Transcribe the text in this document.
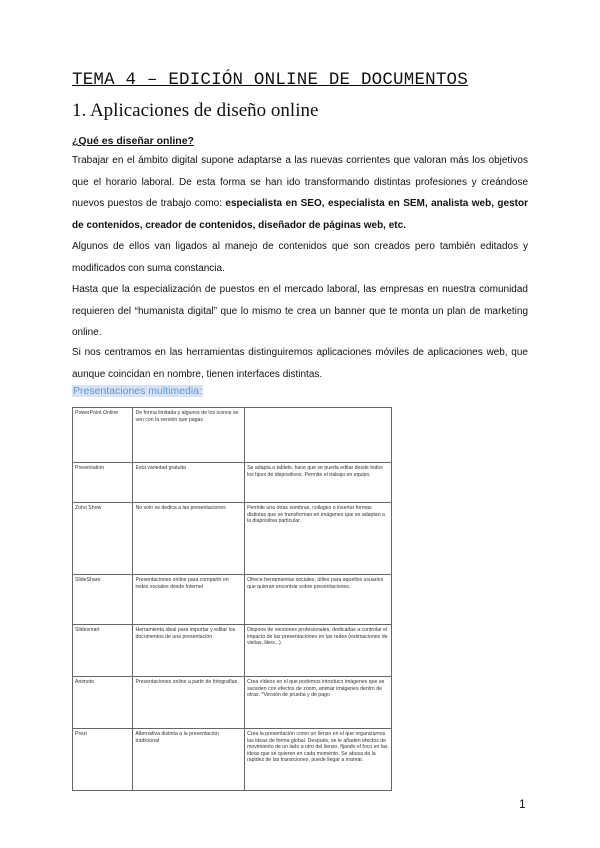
TEMA 4 – EDICIÓN ONLINE DE DOCUMENTOS
1. Aplicaciones de diseño online
¿Qué es diseñar online?
Trabajar en el ámbito digital supone adaptarse a las nuevas corrientes que valoran más los objetivos que el horario laboral. De esta forma se han ido transformando distintas profesiones y creándose nuevos puestos de trabajo como: especialista en SEO, especialista en SEM, analista web, gestor de contenidos, creador de contenidos, diseñador de páginas web, etc.
Algunos de ellos van ligados al manejo de contenidos que son creados pero también editados y modificados con suma constancia.
Hasta que la especialización de puestos en el mercado laboral, las empresas en nuestra comunidad requieren del “humanista digital” que lo mismo te crea un banner que te monta un plan de marketing online.
Si nos centramos en las herramientas distinguiremos aplicaciones móviles de aplicaciones web, que aunque coincidan en nombre, tienen interfaces distintas.
Presentaciones multimedia:
PowerPoint Online	De forma limitada y algunos de los iconos se ven con la versión que pagas	
Presentation	Esta variedad gratuita	Se adapta a tablets, hace que se pueda editar desde todos los tipos de dispositivos. Permite el trabajo en equipo.
Zoho Show	No solo se dedica a las presentaciones	Permite una otras sombras, collages o insertar formas distintas que se transforman en imágenes que se adaptan a la diapositiva particular.
SlideShare	Presentaciones online para compartir en redes sociales desde Internet	Ofrece herramientas sociales, útiles para aquellos usuarios que quieran encontrar sobre presentaciones.
Slidesmart	Herramienta ideal para importar y editar los documentos de una presentación	Dispone de versiones profesionales, dedicadas a controlar el impacto de las presentaciones en las redes (estimaciones de visitas, likes...).
Animoto	Presentaciones online a partir de fotografías	Crea vídeos en el que podemos introducir imágenes que se suceden con efectos de zoom, animar imágenes dentro de otras. *Versión de prueba y de pago
Prezi	Alternativa distinta a la presentación tradicional	Crea la presentación como un lienzo en el que organizamos las ideas de forma global. Después, se le añaden efectos de movimiento de un lado a otro del lienzo, fijando el foco en las ideas que se quieren en cada momento. Se abusa de la rapidez de las transiciones, puede llegar a marear.
1
